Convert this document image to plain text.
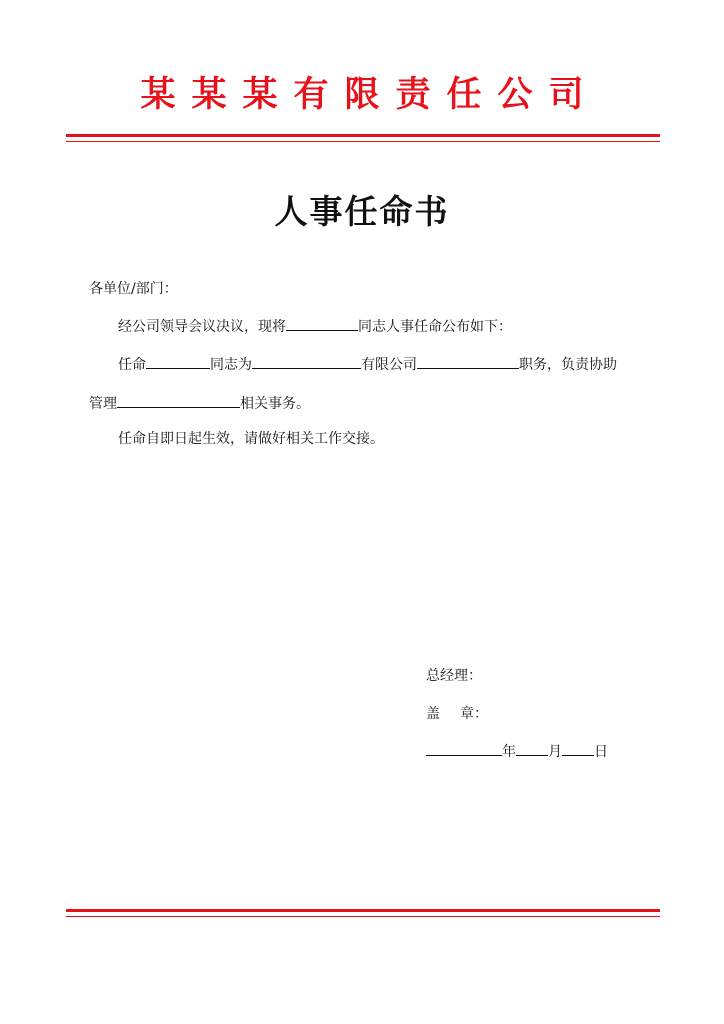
某某某有限责任公司
人事任命书
各单位/部门：
经公司领导会议决议，现将	同志人事任命公布如下：
任命	同志为	有限公司	职务，负责协助
管理	相关事务。
任命自即日起生效，请做好相关工作交接。
总经理：
盖 章：
年 月 日
